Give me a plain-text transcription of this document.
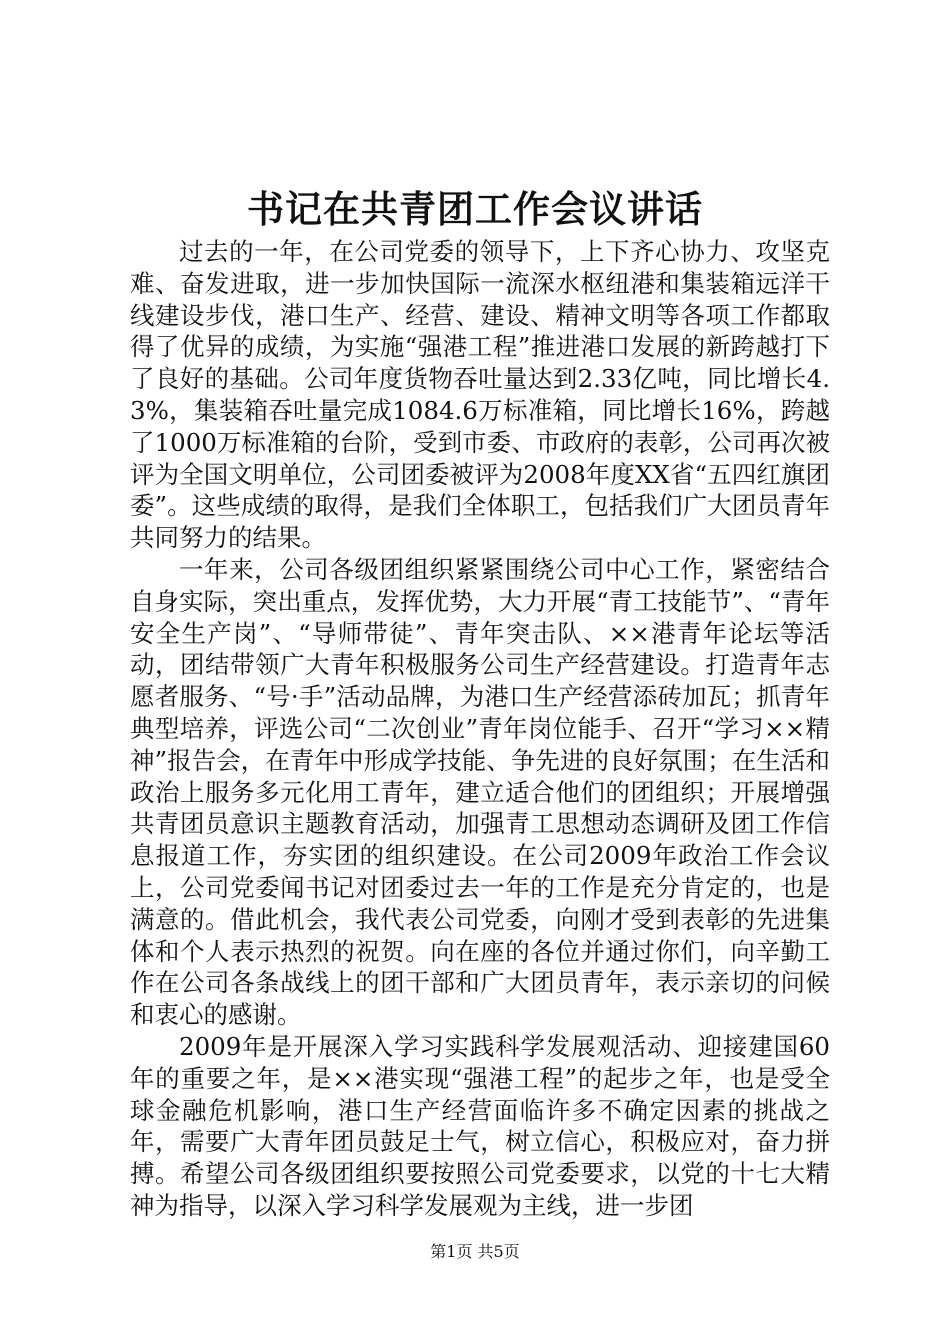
书记在共青团工作会议讲话

过去的一年，在公司党委的领导下，上下齐心协力、攻坚克难、奋发进取，进一步加快国际一流深水枢纽港和集装箱远洋干线建设步伐，港口生产、经营、建设、精神文明等各项工作都取得了优异的成绩，为实施“强港工程”推进港口发展的新跨越打下了良好的基础。公司年度货物吞吐量达到2.33亿吨，同比增长4.3%，集装箱吞吐量完成1084.6万标准箱，同比增长16%，跨越了1000万标准箱的台阶，受到市委、市政府的表彰，公司再次被评为全国文明单位，公司团委被评为2008年度XX省“五四红旗团委”。这些成绩的取得，是我们全体职工，包括我们广大团员青年共同努力的结果。

一年来，公司各级团组织紧紧围绕公司中心工作，紧密结合自身实际，突出重点，发挥优势，大力开展“青工技能节”、“青年安全生产岗”、“导师带徒”、青年突击队、××港青年论坛等活动，团结带领广大青年积极服务公司生产经营建设。打造青年志愿者服务、“号·手”活动品牌，为港口生产经营添砖加瓦；抓青年典型培养，评选公司“二次创业”青年岗位能手、召开“学习××精神”报告会，在青年中形成学技能、争先进的良好氛围；在生活和政治上服务多元化用工青年，建立适合他们的团组织；开展增强共青团员意识主题教育活动，加强青工思想动态调研及团工作信息报道工作，夯实团的组织建设。在公司2009年政治工作会议上，公司党委闻书记对团委过去一年的工作是充分肯定的，也是满意的。借此机会，我代表公司党委，向刚才受到表彰的先进集体和个人表示热烈的祝贺。向在座的各位并通过你们，向辛勤工作在公司各条战线上的团干部和广大团员青年，表示亲切的问候和衷心的感谢。

2009年是开展深入学习实践科学发展观活动、迎接建国60年的重要之年，是××港实现“强港工程”的起步之年，也是受全球金融危机影响，港口生产经营面临许多不确定因素的挑战之年，需要广大青年团员鼓足士气，树立信心，积极应对，奋力拼搏。希望公司各级团组织要按照公司党委要求，以党的十七大精神为指导，以深入学习科学发展观为主线，进一步团

第1页 共5页
